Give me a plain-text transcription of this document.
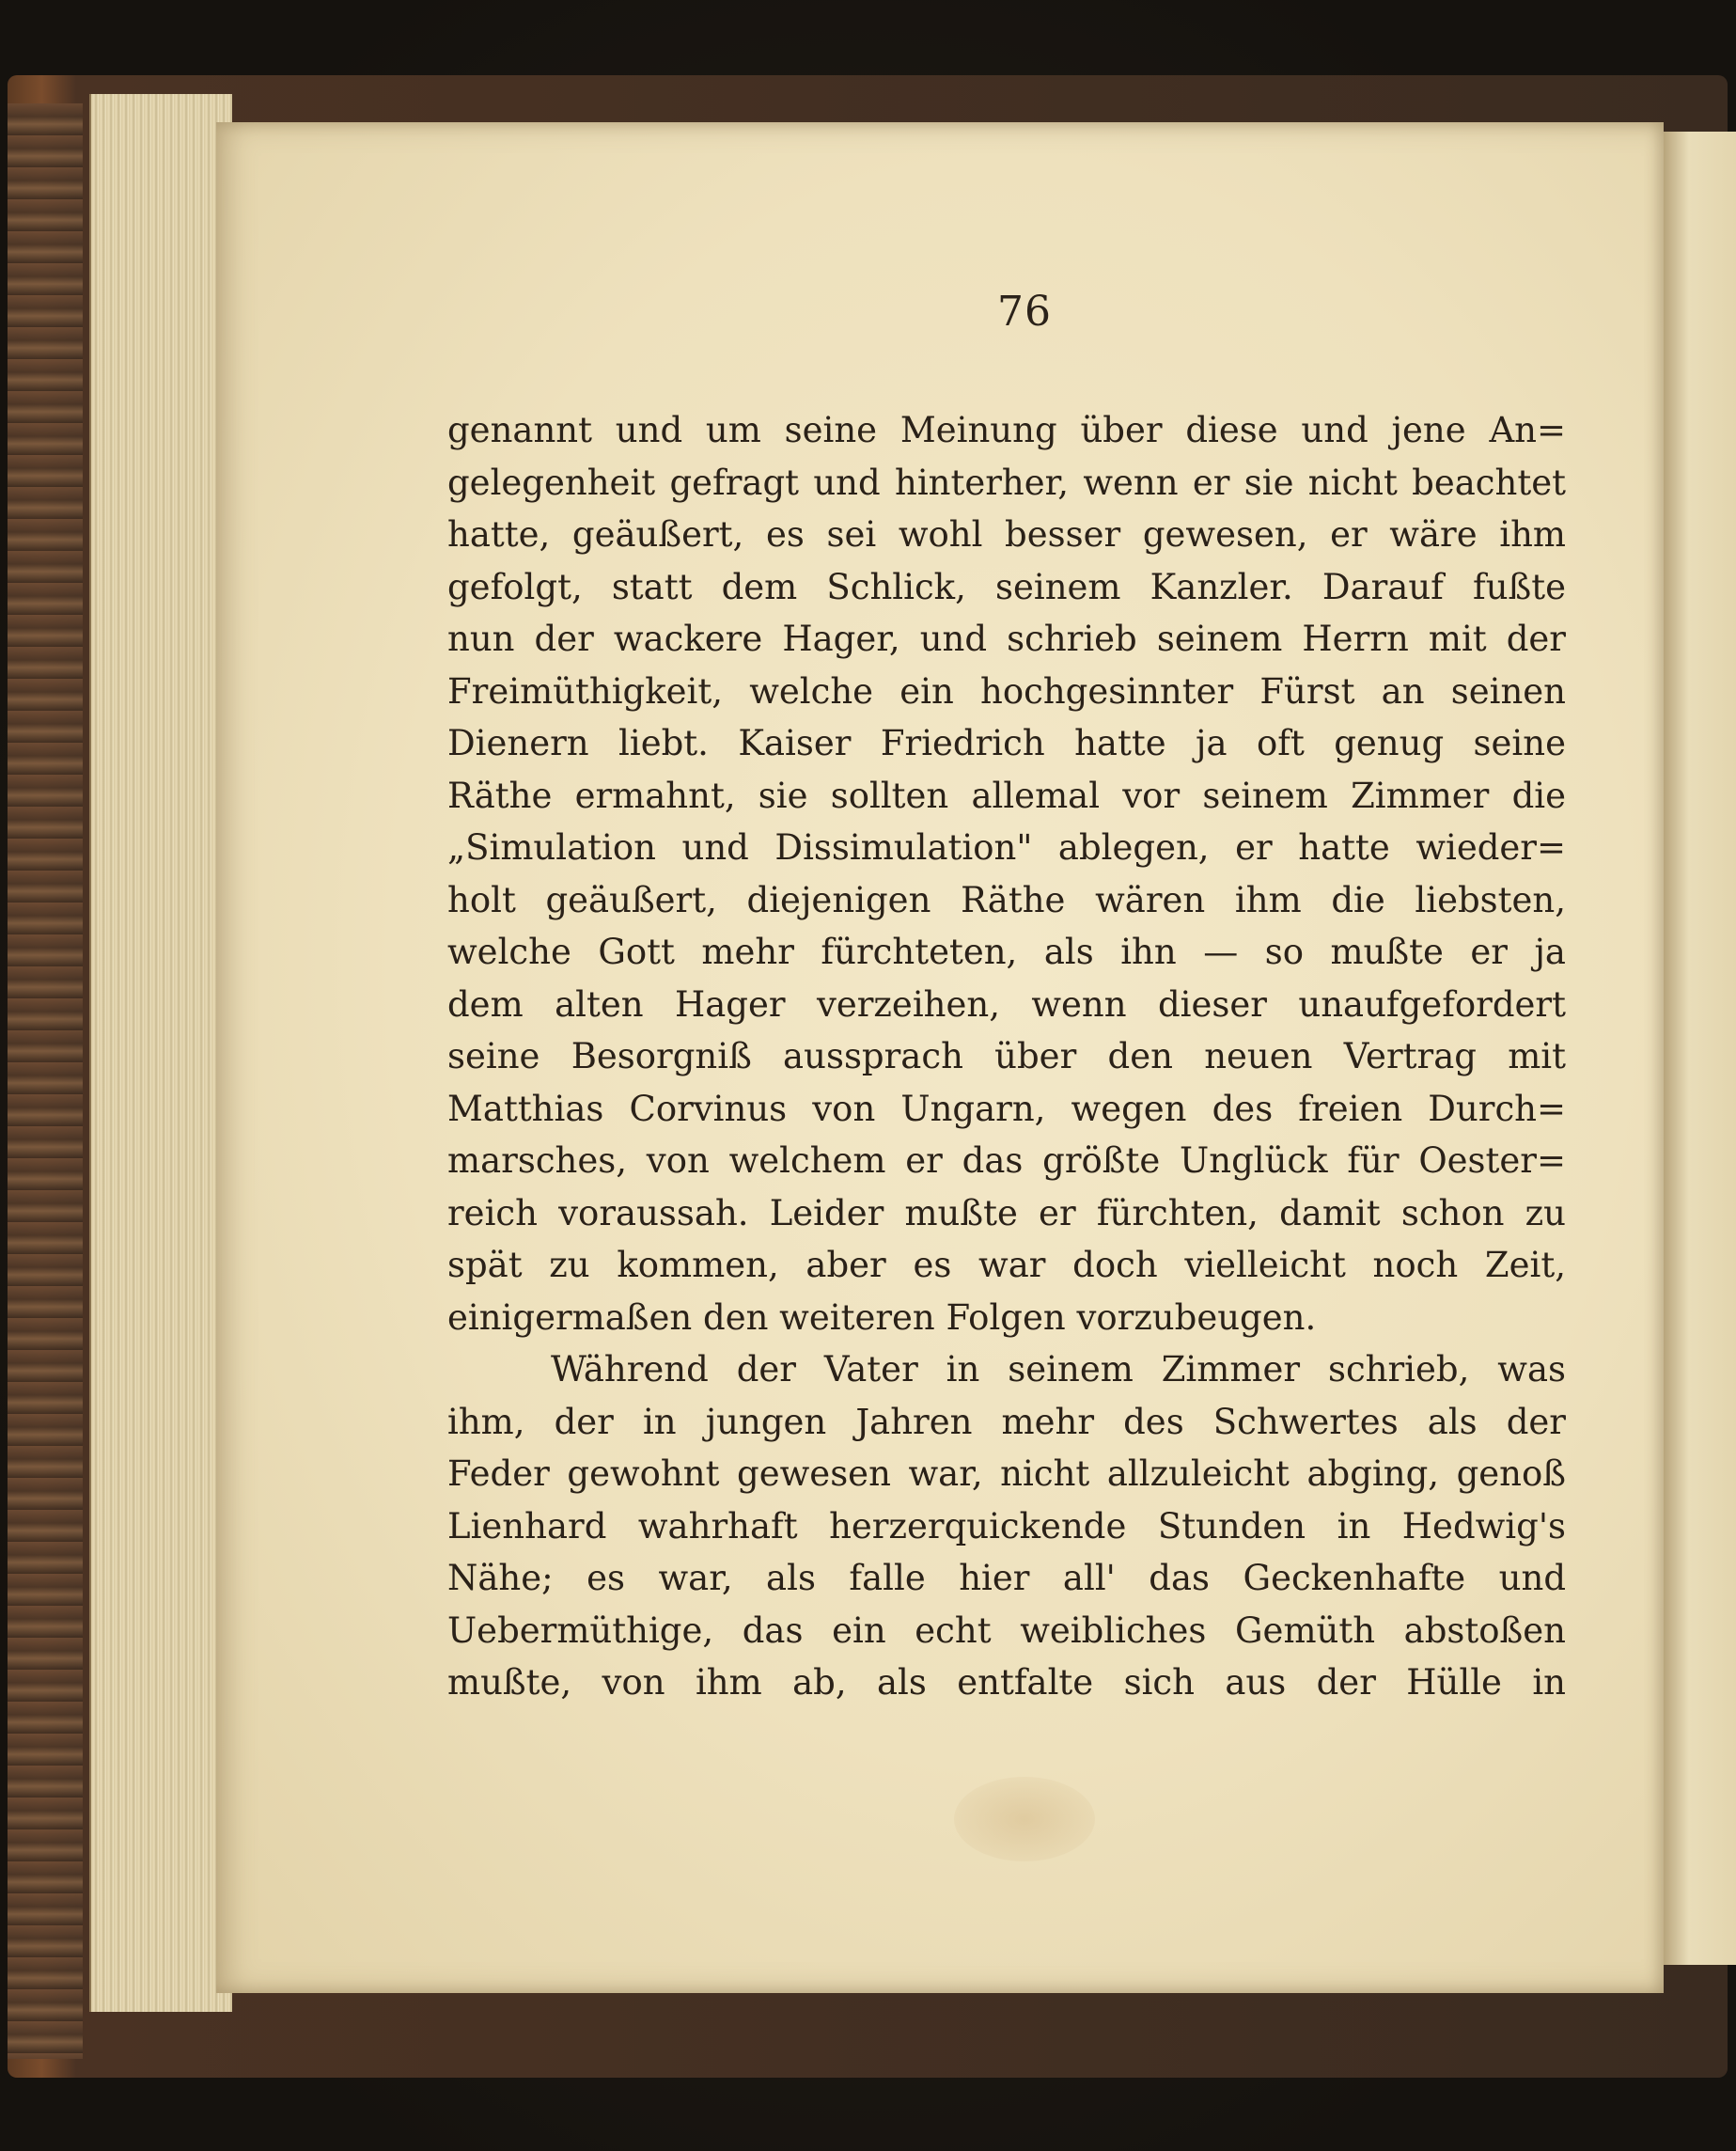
76
genannt und um seine Meinung über diese und jene An=
gelegenheit gefragt und hinterher, wenn er sie nicht beachtet
hatte, geäußert, es sei wohl besser gewesen, er wäre ihm
gefolgt, statt dem Schlick, seinem Kanzler. Darauf fußte
nun der wackere Hager, und schrieb seinem Herrn mit der
Freimüthigkeit, welche ein hochgesinnter Fürst an seinen
Dienern liebt. Kaiser Friedrich hatte ja oft genug seine
Räthe ermahnt, sie sollten allemal vor seinem Zimmer die
„Simulation und Dissimulation" ablegen, er hatte wieder=
holt geäußert, diejenigen Räthe wären ihm die liebsten,
welche Gott mehr fürchteten, als ihn — so mußte er ja
dem alten Hager verzeihen, wenn dieser unaufgefordert
seine Besorgniß aussprach über den neuen Vertrag mit
Matthias Corvinus von Ungarn, wegen des freien Durch=
marsches, von welchem er das größte Unglück für Oester=
reich voraussah. Leider mußte er fürchten, damit schon zu
spät zu kommen, aber es war doch vielleicht noch Zeit,
einigermaßen den weiteren Folgen vorzubeugen.
Während der Vater in seinem Zimmer schrieb, was
ihm, der in jungen Jahren mehr des Schwertes als der
Feder gewohnt gewesen war, nicht allzuleicht abging, genoß
Lienhard wahrhaft herzerquickende Stunden in Hedwig's
Nähe; es war, als falle hier all' das Geckenhafte und
Uebermüthige, das ein echt weibliches Gemüth abstoßen
mußte, von ihm ab, als entfalte sich aus der Hülle in
